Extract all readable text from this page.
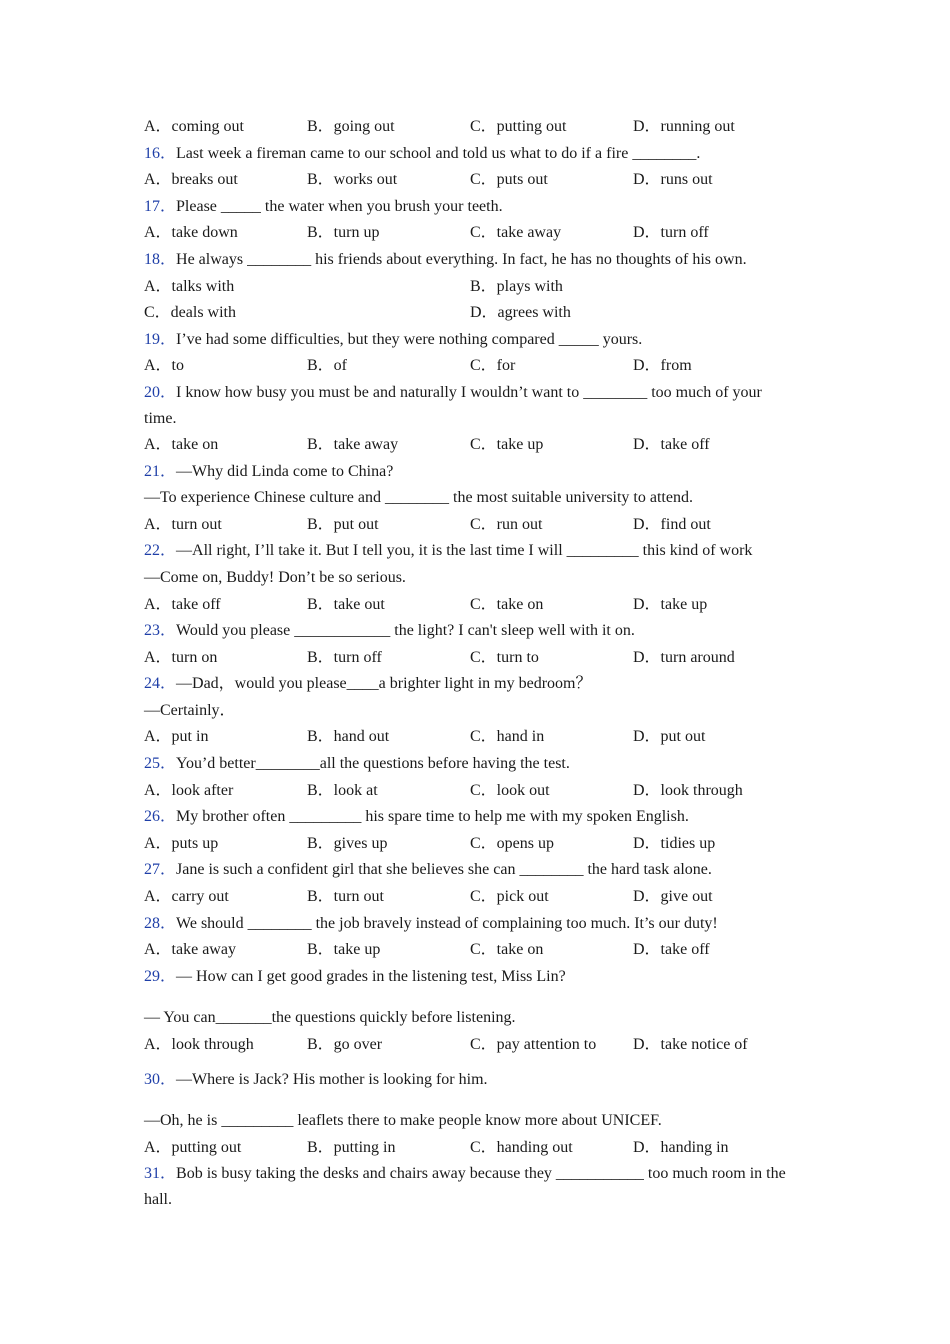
A．coming out	B．going out	C．putting out	D．running out
16．Last week a fireman came to our school and told us what to do if a fire ________.
A．breaks out	B．works out	C．puts out	D．runs out
17．Please _____ the water when you brush your teeth.
A．take down	B．turn up	C．take away	D．turn off
18．He always ________ his friends about everything. In fact, he has no thoughts of his own.
A．talks with	B．plays with
C．deals with	D．agrees with
19．I’ve had some difficulties, but they were nothing compared _____ yours.
A．to	B．of	C．for	D．from
20．I know how busy you must be and naturally I wouldn’t want to ________ too much of your time.
A．take on	B．take away	C．take up	D．take off
21．—Why did Linda come to China?
—To experience Chinese culture and ________ the most suitable university to attend.
A．turn out	B．put out	C．run out	D．find out
22．—All right, I’ll take it. But I tell you, it is the last time I will _________ this kind of work
—Come on, Buddy! Don’t be so serious.
A．take off	B．take out	C．take on	D．take up
23．Would you please ____________ the light? I can't sleep well with it on.
A．turn on	B．turn off	C．turn to	D．turn around
24．—Dad，would you please____a brighter light in my bedroom？
—Certainly．
A．put in	B．hand out	C．hand in	D．put out
25．You’d better________all the questions before having the test.
A．look after	B．look at	C．look out	D．look through
26．My brother often _________ his spare time to help me with my spoken English.
A．puts up	B．gives up	C．opens up	D．tidies up
27．Jane is such a confident girl that she believes she can ________ the hard task alone.
A．carry out	B．turn out	C．pick out	D．give out
28．We should ________ the job bravely instead of complaining too much. It’s our duty!
A．take away	B．take up	C．take on	D．take off
29．— How can I get good grades in the listening test, Miss Lin?
— You can_______the questions quickly before listening.
A．look through	B．go over	C．pay attention to	D．take notice of
30．—Where is Jack? His mother is looking for him.
—Oh, he is _________ leaflets there to make people know more about UNICEF.
A．putting out	B．putting in	C．handing out	D．handing in
31．Bob is busy taking the desks and chairs away because they ___________ too much room in the hall.
